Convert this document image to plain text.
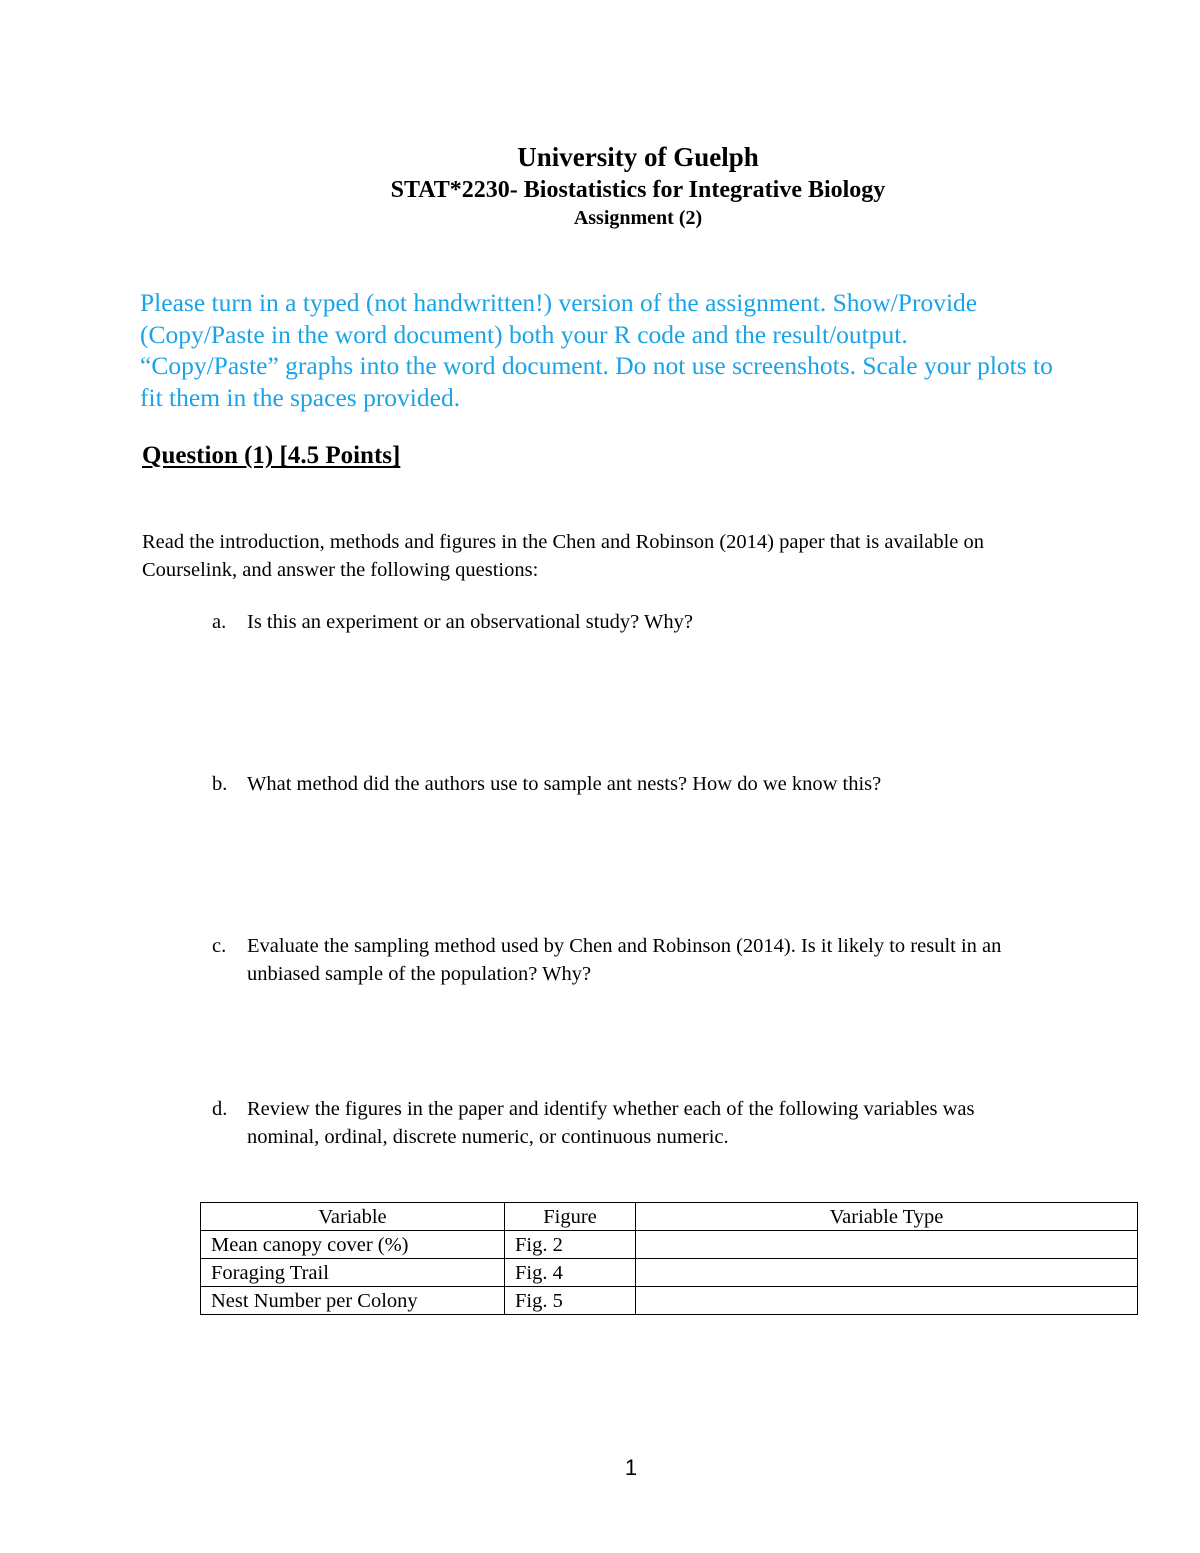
University of Guelph
STAT*2230- Biostatistics for Integrative Biology
Assignment (2)
Please turn in a typed (not handwritten!) version of the assignment. Show/Provide
(Copy/Paste in the word document) both your R code and the result/output.
“Copy/Paste” graphs into the word document. Do not use screenshots. Scale your plots to
fit them in the spaces provided.
Question (1) [4.5 Points]
Read the introduction, methods and figures in the Chen and Robinson (2014) paper that is available on
Courselink, and answer the following questions:
a. Is this an experiment or an observational study? Why?
b. What method did the authors use to sample ant nests? How do we know this?
c. Evaluate the sampling method used by Chen and Robinson (2014). Is it likely to result in an
unbiased sample of the population? Why?
d. Review the figures in the paper and identify whether each of the following variables was
nominal, ordinal, discrete numeric, or continuous numeric.
Variable	Figure	Variable Type
Mean canopy cover (%)	Fig. 2	
Foraging Trail	Fig. 4	
Nest Number per Colony	Fig. 5	
1
